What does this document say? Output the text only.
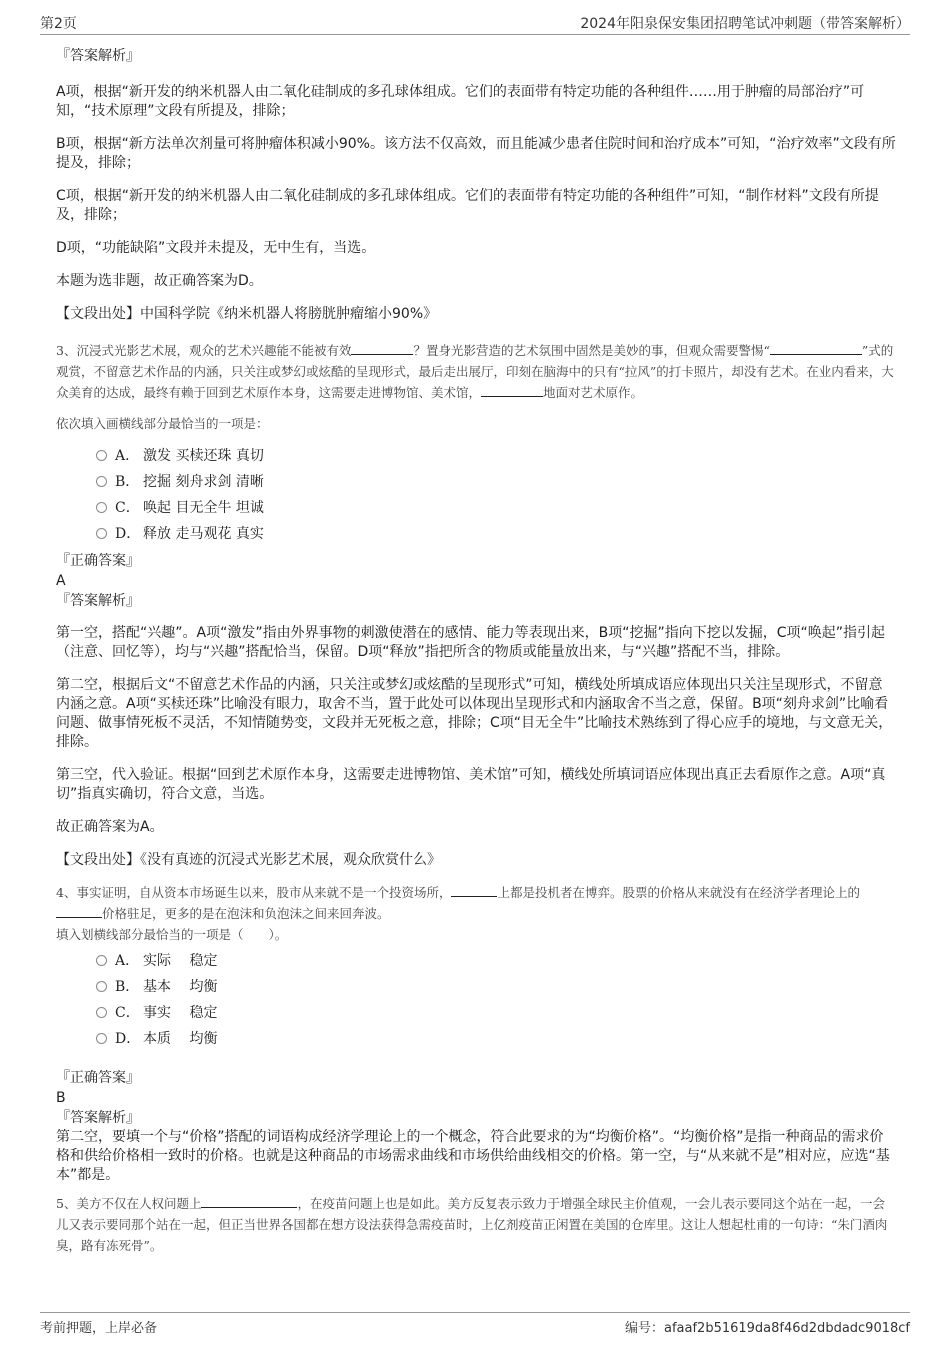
第2页	2024年阳泉保安集团招聘笔试冲刺题（带答案解析）

『答案解析』

A项，根据“新开发的纳米机器人由二氧化硅制成的多孔球体组成。它们的表面带有特定功能的各种组件……用于肿瘤的局部治疗”可知，“技术原理”文段有所提及，排除；

B项，根据“新方法单次剂量可将肿瘤体积减小90%。该方法不仅高效，而且能减少患者住院时间和治疗成本”可知，“治疗效率”文段有所提及，排除；

C项，根据“新开发的纳米机器人由二氧化硅制成的多孔球体组成。它们的表面带有特定功能的各种组件”可知，“制作材料”文段有所提及，排除；

D项，“功能缺陷”文段并未提及，无中生有，当选。

本题为选非题，故正确答案为D。

【文段出处】中国科学院《纳米机器人将膀胱肿瘤缩小90%》

3、沉浸式光影艺术展，观众的艺术兴趣能不能被有效	？置身光影营造的艺术氛围中固然是美妙的事，但观众需要警惕“	”式的观赏，不留意艺术作品的内涵，只关注或梦幻或炫酷的呈现形式，最后走出展厅，印刻在脑海中的只有“拉风”的打卡照片，却没有艺术。在业内看来，大众美育的达成，最终有赖于回到艺术原作本身，这需要走进博物馆、美术馆，	地面对艺术原作。

依次填入画横线部分最恰当的一项是：

A． 激发 买椟还珠 真切
B． 挖掘 刻舟求剑 清晰
C． 唤起 目无全牛 坦诚
D． 释放 走马观花 真实

『正确答案』

A

『答案解析』

第一空，搭配“兴趣”。A项“激发”指由外界事物的刺激使潜在的感情、能力等表现出来，B项“挖掘”指向下挖以发掘，C项“唤起”指引起（注意、回忆等），均与“兴趣”搭配恰当，保留。D项“释放”指把所含的物质或能量放出来，与“兴趣”搭配不当，排除。

第二空，根据后文“不留意艺术作品的内涵，只关注或梦幻或炫酷的呈现形式”可知，横线处所填成语应体现出只关注呈现形式，不留意内涵之意。A项“买椟还珠”比喻没有眼力，取舍不当，置于此处可以体现出呈现形式和内涵取舍不当之意，保留。B项“刻舟求剑”比喻看问题、做事情死板不灵活，不知情随势变，文段并无死板之意，排除；C项“目无全牛”比喻技术熟练到了得心应手的境地，与文意无关，排除。

第三空，代入验证。根据“回到艺术原作本身，这需要走进博物馆、美术馆”可知，横线处所填词语应体现出真正去看原作之意。A项“真切”指真实确切，符合文意，当选。

故正确答案为A。

【文段出处】《没有真迹的沉浸式光影艺术展，观众欣赏什么》

4、事实证明，自从资本市场诞生以来，股市从来就不是一个投资场所，	上都是投机者在博弈。股票的价格从来就没有在经济学者理论上的价格驻足，更多的是在泡沫和负泡沫之间来回奔波。

填入划横线部分最恰当的一项是（　　）。

A． 实际　 稳定
B． 基本　 均衡
C． 事实　 稳定
D． 本质　 均衡

『正确答案』

B

『答案解析』

第二空，要填一个与“价格”搭配的词语构成经济学理论上的一个概念，符合此要求的为“均衡价格”。“均衡价格”是指一种商品的需求价格和供给价格相一致时的价格。也就是这种商品的市场需求曲线和市场供给曲线相交的价格。第一空，与“从来就不是”相对应，应选“基本”都是。

5、美方不仅在人权问题上	，在疫苗问题上也是如此。美方反复表示致力于增强全球民主价值观，一会儿表示要同这个站在一起，一会儿又表示要同那个站在一起，但正当世界各国都在想方设法获得急需疫苗时，上亿剂疫苗正闲置在美国的仓库里。这让人想起杜甫的一句诗：“朱门酒肉臭，路有冻死骨”。

考前押题，上岸必备	编号：afaaf2b51619da8f46d2dbdadc9018cf
